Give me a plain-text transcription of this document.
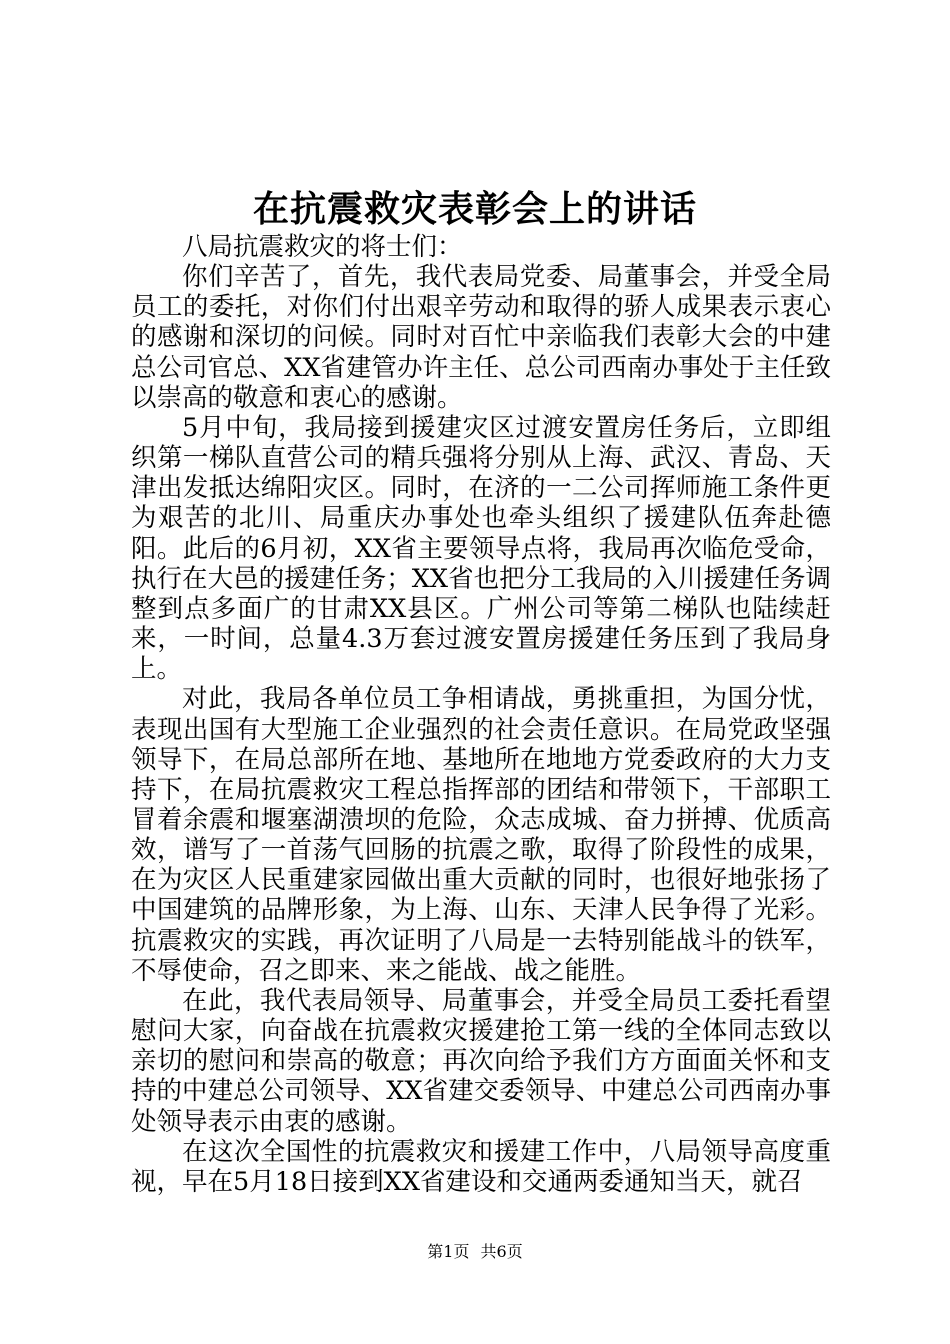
在抗震救灾表彰会上的讲话

八局抗震救灾的将士们：

你们辛苦了，首先，我代表局党委、局董事会，并受全局员工的委托，对你们付出艰辛劳动和取得的骄人成果表示衷心的感谢和深切的问候。同时对百忙中亲临我们表彰大会的中建总公司官总、XX省建管办许主任、总公司西南办事处于主任致以崇高的敬意和衷心的感谢。

5月中旬，我局接到援建灾区过渡安置房任务后，立即组织第一梯队直营公司的精兵强将分别从上海、武汉、青岛、天津出发抵达绵阳灾区。同时，在济的一二公司挥师施工条件更为艰苦的北川、局重庆办事处也牵头组织了援建队伍奔赴德阳。此后的6月初，XX省主要领导点将，我局再次临危受命，执行在大邑的援建任务；XX省也把分工我局的入川援建任务调整到点多面广的甘肃XX县区。广州公司等第二梯队也陆续赶来，一时间，总量4.3万套过渡安置房援建任务压到了我局身上。

对此，我局各单位员工争相请战，勇挑重担，为国分忧，表现出国有大型施工企业强烈的社会责任意识。在局党政坚强领导下，在局总部所在地、基地所在地地方党委政府的大力支持下，在局抗震救灾工程总指挥部的团结和带领下，干部职工冒着余震和堰塞湖溃坝的危险，众志成城、奋力拼搏、优质高效，谱写了一首荡气回肠的抗震之歌，取得了阶段性的成果，在为灾区人民重建家园做出重大贡献的同时，也很好地张扬了中国建筑的品牌形象，为上海、山东、天津人民争得了光彩。抗震救灾的实践，再次证明了八局是一去特别能战斗的铁军，不辱使命，召之即来、来之能战、战之能胜。

在此，我代表局领导、局董事会，并受全局员工委托看望慰问大家，向奋战在抗震救灾援建抢工第一线的全体同志致以亲切的慰问和崇高的敬意；再次向给予我们方方面面关怀和支持的中建总公司领导、XX省建交委领导、中建总公司西南办事处领导表示由衷的感谢。

在这次全国性的抗震救灾和援建工作中，八局领导高度重视，早在5月18日接到XX省建设和交通两委通知当天，就召

第1页 共6页
